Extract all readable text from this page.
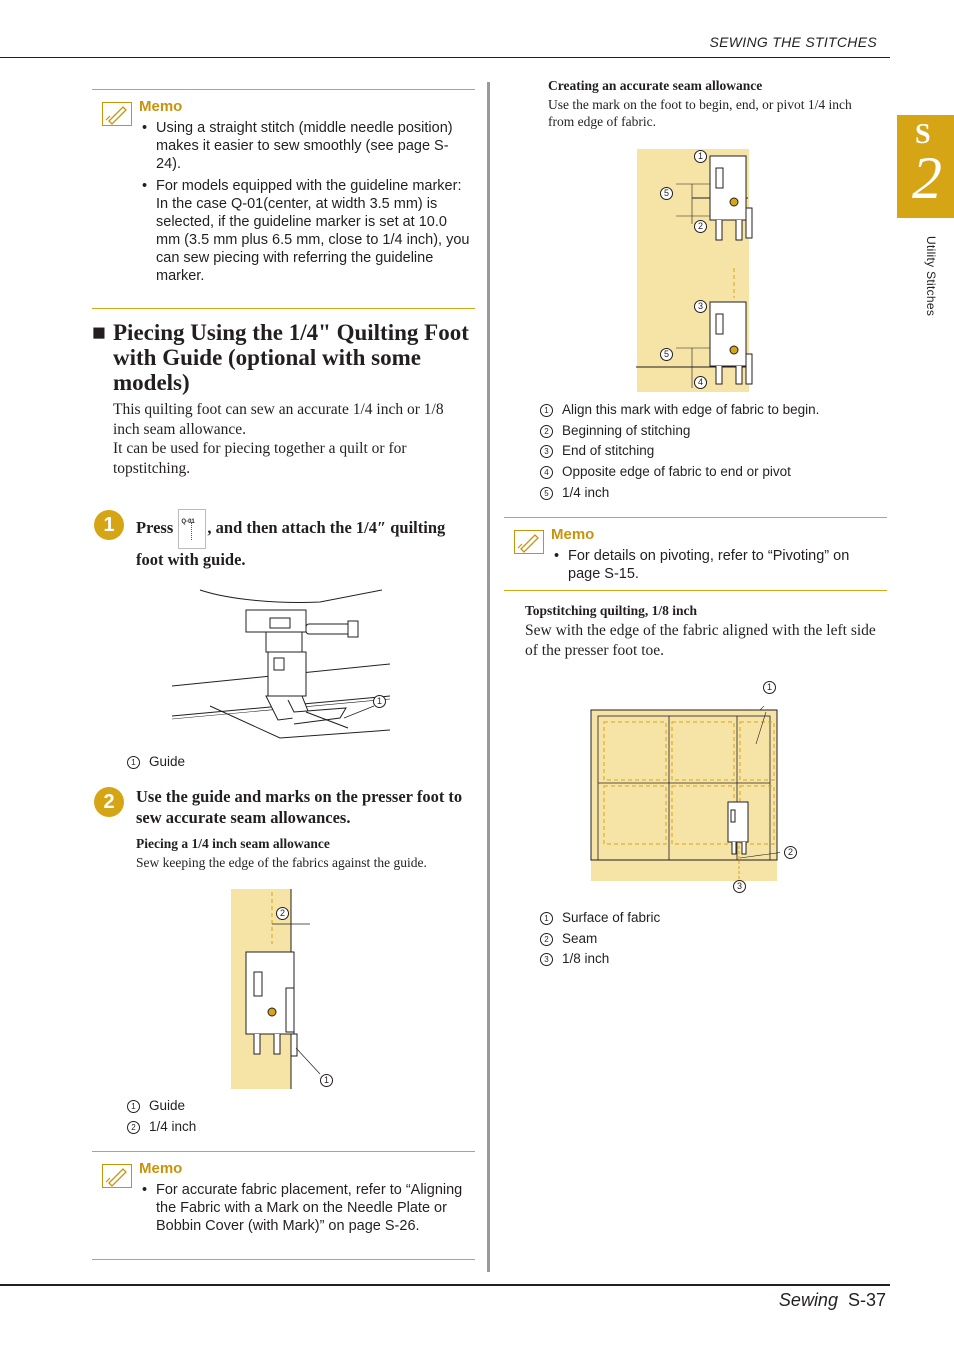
SEWING THE STITCHES
S
2
Utility Stitches
Memo
• Using a straight stitch (middle needle position) makes it easier to sew smoothly (see page S-24).
• For models equipped with the guideline marker:
In the case Q-01(center, at width 3.5 mm) is selected, if the guideline marker is set at 10.0 mm (3.5 mm plus 6.5 mm, close to 1/4 inch), you can sew piecing with referring the guideline marker.
■ Piecing Using the 1/4" Quilting Foot with Guide (optional with some models)
This quilting foot can sew an accurate 1/4 inch or 1/8 inch seam allowance.
It can be used for piecing together a quilt or for topstitching.
1	Press Q-01 , and then attach the 1/4″ quilting foot with guide.
1
1 Guide
2	Use the guide and marks on the presser foot to sew accurate seam allowances.
Piecing a 1/4 inch seam allowance
Sew keeping the edge of the fabrics against the guide.
2
1
1 Guide
2 1/4 inch
Memo
• For accurate fabric placement, refer to “Aligning the Fabric with a Mark on the Needle Plate or Bobbin Cover (with Mark)” on page S-26.
Creating an accurate seam allowance
Use the mark on the foot to begin, end, or pivot 1/4 inch from edge of fabric.
1
5
2
3
5
4
1 Align this mark with edge of fabric to begin.
2 Beginning of stitching
3 End of stitching
4 Opposite edge of fabric to end or pivot
5 1/4 inch
Memo
• For details on pivoting, refer to “Pivoting” on page S-15.
Topstitching quilting, 1/8 inch
Sew with the edge of the fabric aligned with the left side of the presser foot toe.
1
2
3
1 Surface of fabric
2 Seam
3 1/8 inch
Sewing S-37
